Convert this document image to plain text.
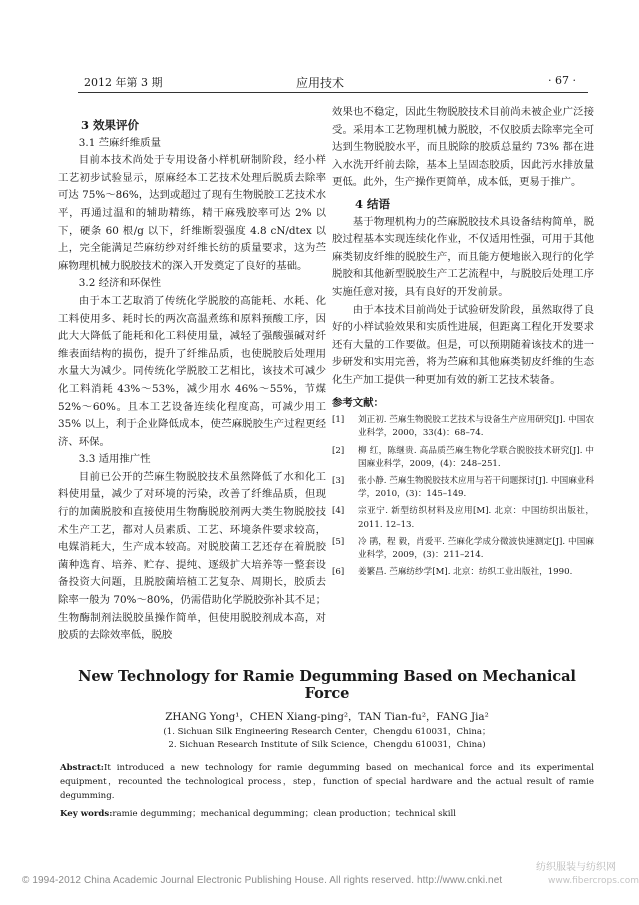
2012 年第 3 期	应用技术	· 67 ·

3 效果评价

3.1 苎麻纤维质量

目前本技术尚处于专用设备小样机研制阶段，经小样工艺初步试验显示，原麻经本工艺技术处理后脱质去除率可达 75%～86%，达到或超过了现有生物脱胶工艺技术水平，再通过温和的辅助精练，精干麻残胶率可达 2% 以下，硬条 60 根/g 以下，纤维断裂强度 4.8 cN/dtex 以上，完全能满足苎麻纺纱对纤维长纺的质量要求，这为苎麻物理机械力脱胶技术的深入开发奠定了良好的基础。

3.2 经济和环保性

由于本工艺取消了传统化学脱胶的高能耗、水耗、化工料使用多、耗时长的两次高温煮练和原料预酸工序，因此大大降低了能耗和化工料使用量，减轻了强酸强碱对纤维表面结构的损伤，提升了纤维品质，也使脱胶后处理用水量大为减少。同传统化学脱胶工艺相比，该技术可减少化工料消耗 43%～53%，减少用水 46%～55%，节煤 52%～60%。且本工艺设备连续化程度高，可减少用工 35% 以上，利于企业降低成本，使苎麻脱胶生产过程更经济、环保。

3.3 适用推广性

目前已公开的苎麻生物脱胶技术虽然降低了水和化工料使用量，减少了对环境的污染，改善了纤维品质，但现行的加菌脱胶和直接使用生物酶脱胶剂两大类生物脱胶技术生产工艺，都对人员素质、工艺、环境条件要求较高，电媒消耗大，生产成本较高。对脱胶菌工艺还存在着脱胶菌种选育、培养、贮存、提纯、逐级扩大培养等一整套设备投资大问题，且脱胶菌培植工艺复杂、周期长，胶质去除率一般为 70%～80%，仍需借助化学脱胶弥补其不足；生物酶制剂法脱胶虽操作简单，但使用脱胶剂成本高，对胶质的去除效率低，脱胶

效果也不稳定，因此生物脱胶技术目前尚未被企业广泛接受。采用本工艺物理机械力脱胶，不仅胶质去除率完全可达到生物脱胶水平，而且脱除的胶质总量约 73% 都在进入水洗开纤前去除，基本上呈固态胶质，因此污水排放量更低。此外，生产操作更简单，成本低，更易于推广。

4 结语

基于物理机构力的苎麻脱胶技术具设备结构简单，脱胶过程基本实现连续化作业，不仅适用性强，可用于其他麻类韧皮纤维的脱胶生产，而且能方便地嵌入现行的化学脱胶和其他新型脱胶生产工艺流程中，与脱胶后处理工序实施任意对接，具有良好的开发前景。

由于本技术目前尚处于试验研发阶段，虽然取得了良好的小样试验效果和实质性进展，但距离工程化开发要求还有大量的工作要做。但是，可以预期随着该技术的进一步研发和实用完善，将为苎麻和其他麻类韧皮纤维的生态化生产加工提供一种更加有效的新工艺技术装备。

参考文献：
[1] 刘正初. 苎麻生物脱胶工艺技术与设备生产应用研究[J]. 中国农业科学，2000，33(4)：68–74.
[2] 柳 红，陈继贵. 高品质苎麻生物化学联合脱胶技术研究[J]. 中国麻业科学，2009，(4)：248–251.
[3] 张小静. 苎麻生物脱胶技术应用与若干问题探讨[J]. 中国麻业科学，2010，(3)：145–149.
[4] 宗亚宁. 新型纺织材料及应用[M]. 北京：中国纺织出版社，2011. 12–13.
[5] 冷 鹃，程 毅，肖爱平. 苎麻化学成分微波快速测定[J]. 中国麻业科学，2009，(3)：211–214.
[6] 姜繁昌. 苎麻纺纱学[M]. 北京：纺织工业出版社，1990.

New Technology for Ramie Degumming Based on Mechanical Force

ZHANG Yong¹，CHEN Xiang-ping²，TAN Tian-fu²，FANG Jia²

(1. Sichuan Silk Engineering Research Center，Chengdu 610031，China；

2. Sichuan Research Institute of Silk Science，Chengdu 610031，China)

Abstract:It introduced a new technology for ramie degumming based on mechanical force and its experimental equipment，recounted the technological process，step，function of special hardware and the actual result of ramie degumming.

Key words:ramie degumming；mechanical degumming；clean production；technical skill

© 1994-2012 China Academic Journal Electronic Publishing House. All rights reserved. http://www.cnki.net
纺织服装与纺织网
www.fibercrops.com
